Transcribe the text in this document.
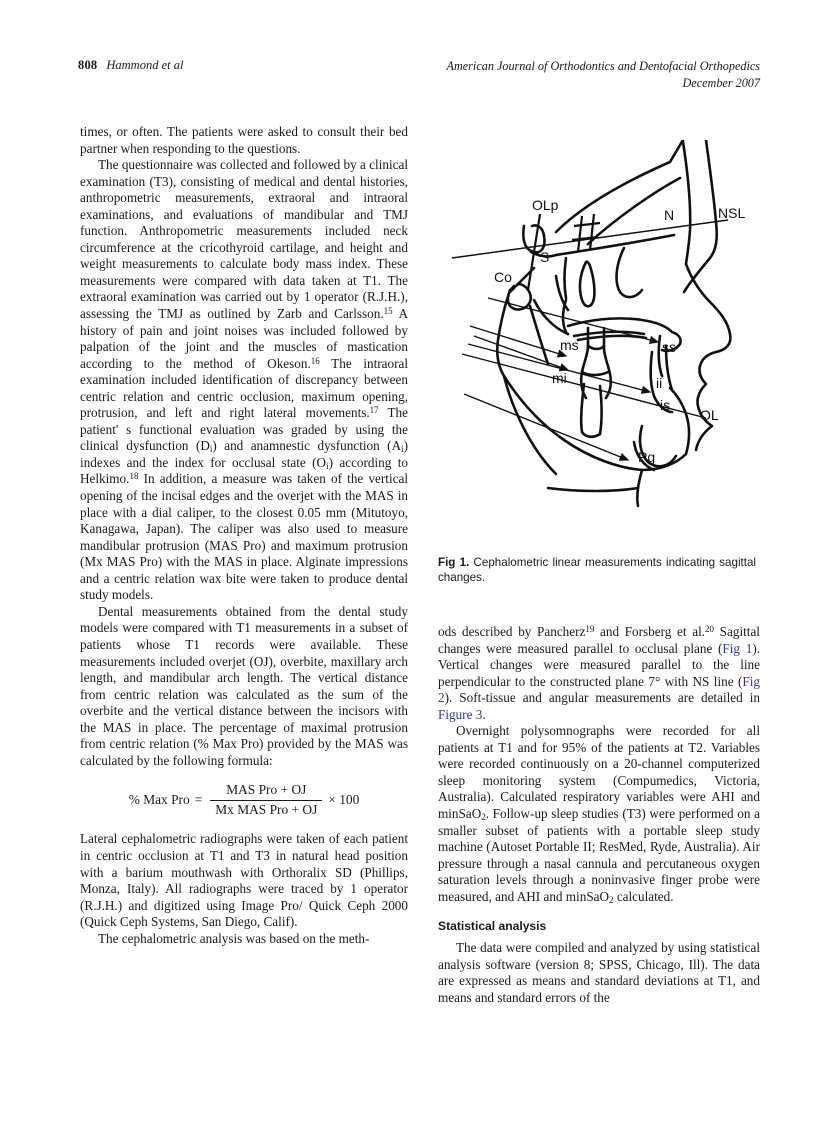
808 Hammond et al	American Journal of Orthodontics and Dentofacial Orthopedics
December 2007

times, or often. The patients were asked to consult their bed partner when responding to the questions.

The questionnaire was collected and followed by a clinical examination (T3), consisting of medical and dental histories, anthropometric measurements, extraoral and intraoral examinations, and evaluations of mandibular and TMJ function. Anthropometric measurements included neck circumference at the cricothyroid cartilage, and height and weight measurements to calculate body mass index. These measurements were compared with data taken at T1. The extraoral examination was carried out by 1 operator (R.J.H.), assessing the TMJ as outlined by Zarb and Carlsson.$^{15}$ A history of pain and joint noises was included followed by palpation of the joint and the muscles of mastication according to the method of Okeson.$^{16}$ The intraoral examination included identification of discrepancy between centric relation and centric occlusion, maximum opening, protrusion, and left and right lateral movements.$^{17}$ The patient' s functional evaluation was graded by using the clinical dysfunction $(D_i)$ and anamnestic dysfunction $(A_i)$ indexes and the index for occlusal state $(O_i)$ according to Helkimo.$^{18}$ In addition, a measure was taken of the vertical opening of the incisal edges and the overjet with the MAS in place with a dial caliper, to the closest 0.05 mm (Mitutoyo, Kanagawa, Japan). The caliper was also used to measure mandibular protrusion (MAS Pro) and maximum protrusion (Mx MAS Pro) with the MAS in place. Alginate impressions and a centric relation wax bite were taken to produce dental study models.

Dental measurements obtained from the dental study models were compared with T1 measurements in a subset of patients whose T1 records were available. These measurements included overjet (OJ), overbite, maxillary arch length, and mandibular arch length. The vertical distance from centric relation was calculated as the sum of the overbite and the vertical distance between the incisors with the MAS in place. The percentage of maximal protrusion from centric relation (% Max Pro) provided by the MAS was calculated by the following formula:

% Max Pro = $\frac{\text{MAS Pro + OJ}}{\text{Mx MAS Pro + OJ}} \times 100$

Lateral cephalometric radiographs were taken of each patient in centric occlusion at T1 and T3 in natural head position with a barium mouthwash with Orthoralix SD (Phillips, Monza, Italy). All radiographs were traced by 1 operator (R.J.H.) and digitized using Image Pro/ Quick Ceph 2000 (Quick Ceph Systems, San Diego, Calif).

The cephalometric analysis was based on the meth-

OLp
N	NSL
S
Co
ms
mi
ss
ii
is
OL
Pg
Fig 1. Cephalometric linear measurements indicating sagittal changes.

ods described by Pancherz$^{19}$ and Forsberg et al.$^{20}$ Sagittal changes were measured parallel to occlusal plane (Fig 1). Vertical changes were measured parallel to the line perpendicular to the constructed plane 7° with NS line (Fig 2). Soft-tissue and angular measurements are detailed in Figure 3.

Overnight polysomnographs were recorded for all patients at T1 and for 95% of the patients at T2. Variables were recorded continuously on a 20-channel computerized sleep monitoring system (Compumedics, Victoria, Australia). Calculated respiratory variables were AHI and minSaO$_2$. Follow-up sleep studies (T3) were performed on a smaller subset of patients with a portable sleep study machine (Autoset Portable II; ResMed, Ryde, Australia). Air pressure through a nasal cannula and percutaneous oxygen saturation levels through a noninvasive finger probe were measured, and AHI and minSaO$_2$ calculated.

Statistical analysis

The data were compiled and analyzed by using statistical analysis software (version 8; SPSS, Chicago, Ill). The data are expressed as means and standard deviations at T1, and means and standard errors of the
